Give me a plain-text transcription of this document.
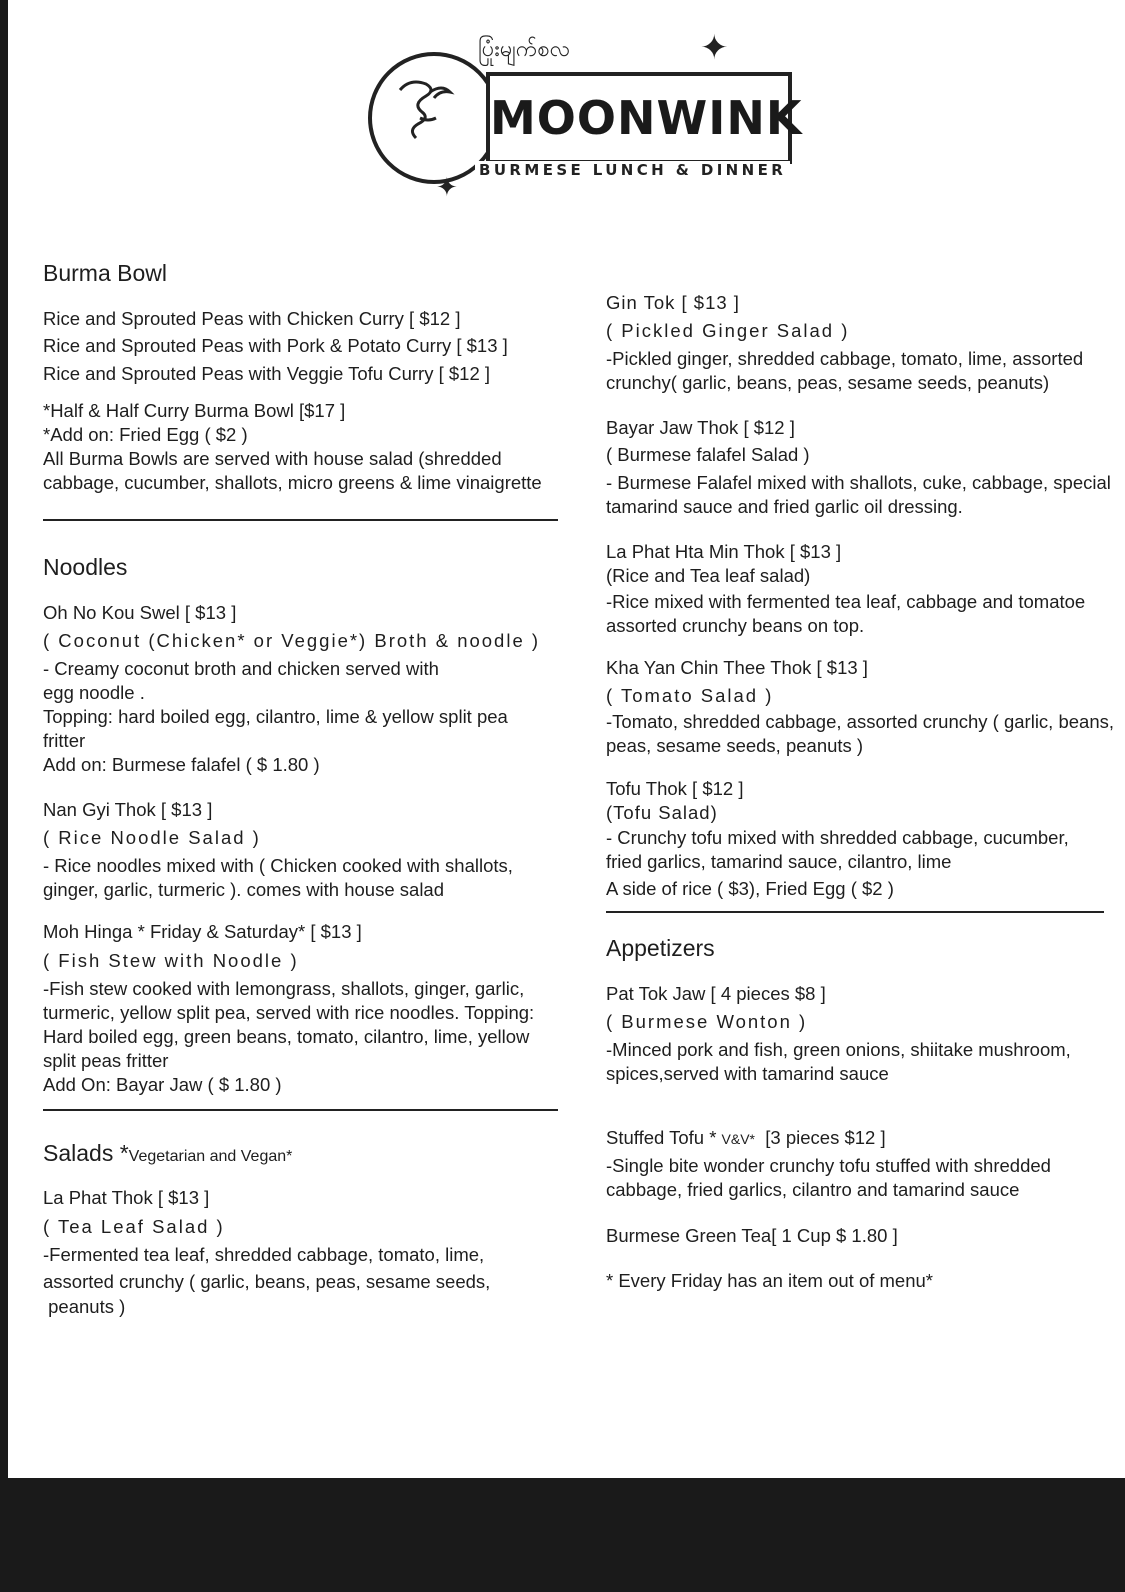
MOONWINK
ပြုံးမျက်စလ	✦
✦
BURMESE LUNCH & DINNER
Burma Bowl
Rice and Sprouted Peas with Chicken Curry [ $12 ]
Rice and Sprouted Peas with Pork & Potato Curry [ $13 ]
Rice and Sprouted Peas with Veggie Tofu Curry [ $12 ]
*Half & Half Curry Burma Bowl [$17 ]
*Add on: Fried Egg ( $2 )
All Burma Bowls are served with house salad (shredded
cabbage, cucumber, shallots, micro greens & lime vinaigrette
Noodles
Oh No Kou Swel [ $13 ]
( Coconut (Chicken* or Veggie*) Broth & noodle )
- Creamy coconut broth and chicken served with
egg noodle .
Topping: hard boiled egg, cilantro, lime & yellow split pea
fritter
Add on: Burmese falafel ( $ 1.80 )
Nan Gyi Thok [ $13 ]
( Rice Noodle Salad )
- Rice noodles mixed with ( Chicken cooked with shallots,
ginger, garlic, turmeric ). comes with house salad
Moh Hinga * Friday & Saturday* [ $13 ]
( Fish Stew with Noodle )
-Fish stew cooked with lemongrass, shallots, ginger, garlic,
turmeric, yellow split pea, served with rice noodles. Topping:
Hard boiled egg, green beans, tomato, cilantro, lime, yellow
split peas fritter
Add On: Bayar Jaw ( $ 1.80 )
Salads *Vegetarian and Vegan*
La Phat Thok [ $13 ]
( Tea Leaf Salad )
-Fermented tea leaf, shredded cabbage, tomato, lime,
assorted crunchy ( garlic, beans, peas, sesame seeds,
peanuts )
Gin Tok [ $13 ]
( Pickled Ginger Salad )
-Pickled ginger, shredded cabbage, tomato, lime, assorted
crunchy( garlic, beans, peas, sesame seeds, peanuts)
Bayar Jaw Thok [ $12 ]
( Burmese falafel Salad )
- Burmese Falafel mixed with shallots, cuke, cabbage, special
tamarind sauce and fried garlic oil dressing.
La Phat Hta Min Thok [ $13 ]
(Rice and Tea leaf salad)
-Rice mixed with fermented tea leaf, cabbage and tomatoe
assorted crunchy beans on top.
Kha Yan Chin Thee Thok [ $13 ]
( Tomato Salad )
-Tomato, shredded cabbage, assorted crunchy ( garlic, beans,
peas, sesame seeds, peanuts )
Tofu Thok [ $12 ]
(Tofu Salad)
- Crunchy tofu mixed with shredded cabbage, cucumber,
fried garlics, tamarind sauce, cilantro, lime
A side of rice ( $3), Fried Egg ( $2 )
Appetizers
Pat Tok Jaw [ 4 pieces $8 ]
( Burmese Wonton )
-Minced pork and fish, green onions, shiitake mushroom,
spices,served with tamarind sauce
Stuffed Tofu * V&V*  [3 pieces $12 ]
-Single bite wonder crunchy tofu stuffed with shredded
cabbage, fried garlics, cilantro and tamarind sauce
Burmese Green Tea[ 1 Cup $ 1.80 ]
* Every Friday has an item out of menu*
